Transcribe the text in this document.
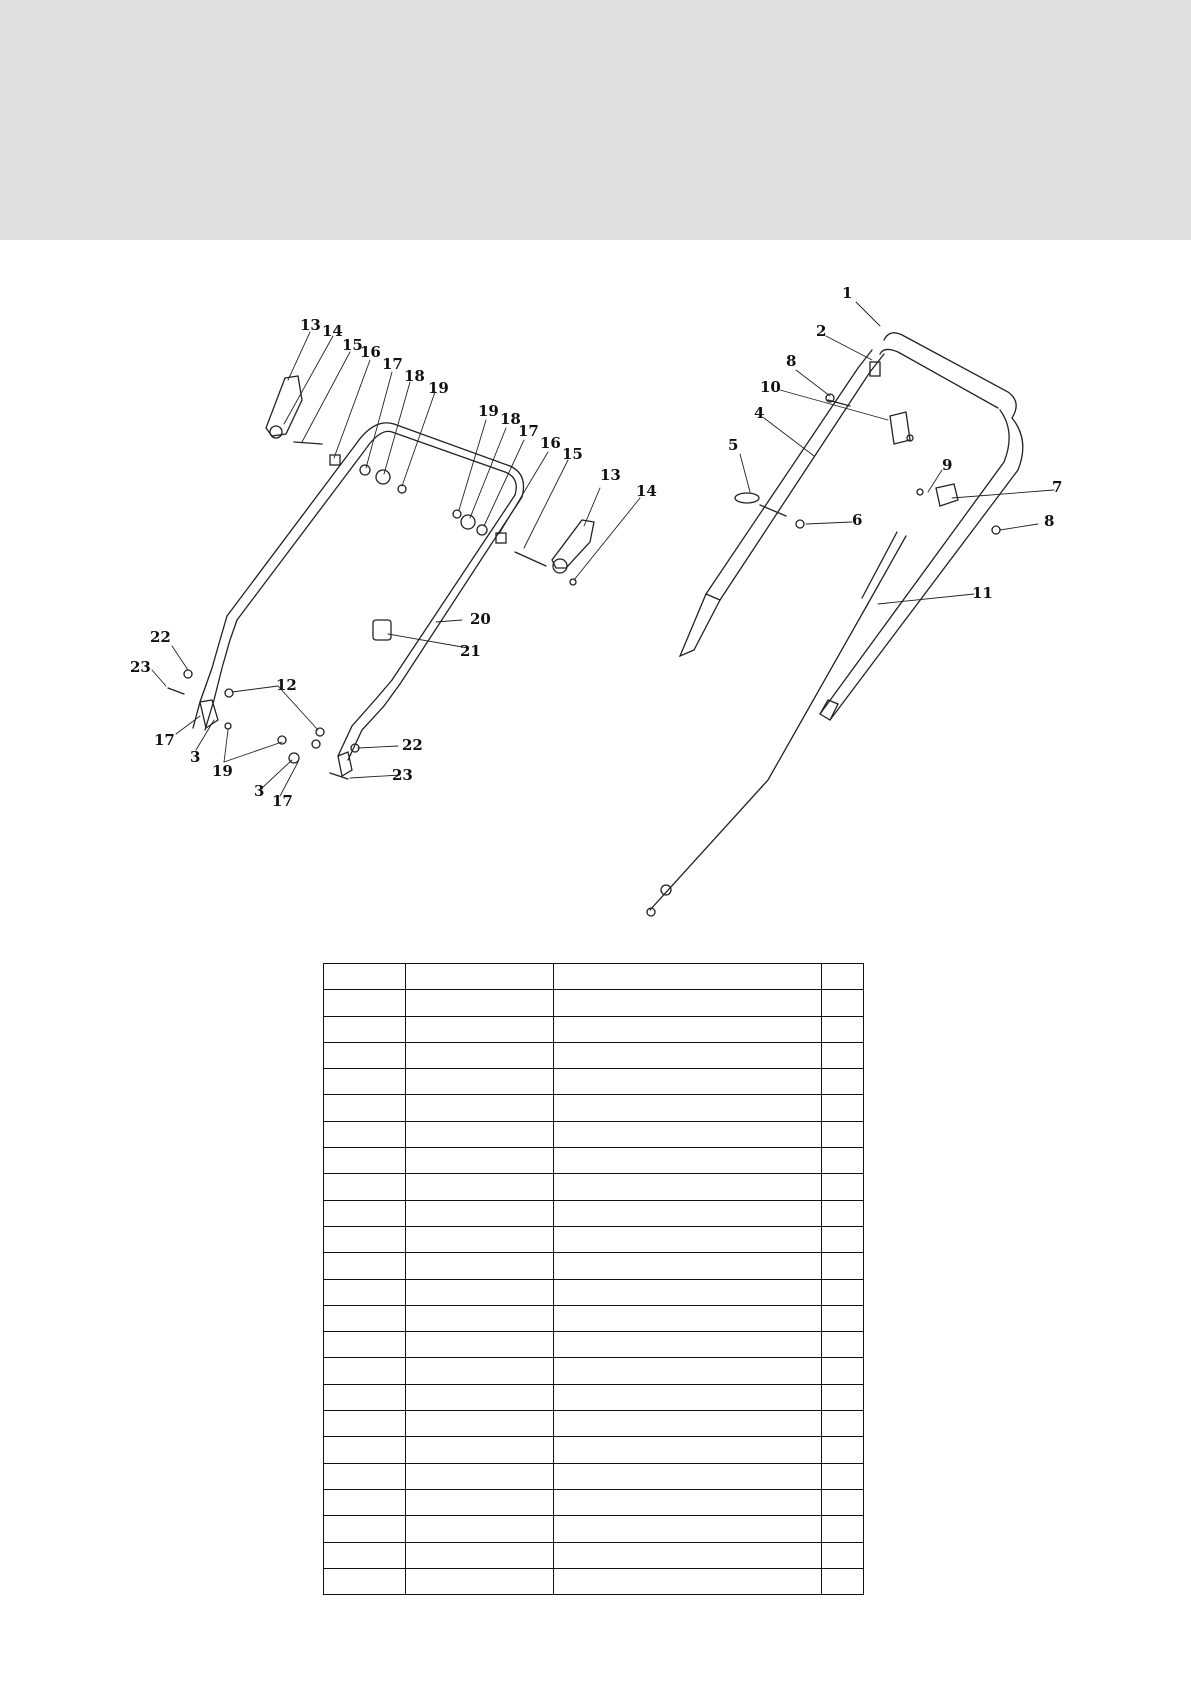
13 14
15
16
17
18
19
19 18
17
16
15
13
14
20
21
22
23
12
17
3
19
22
23
3
17
1
2
8
10
4
5
9
7
6	8
11
